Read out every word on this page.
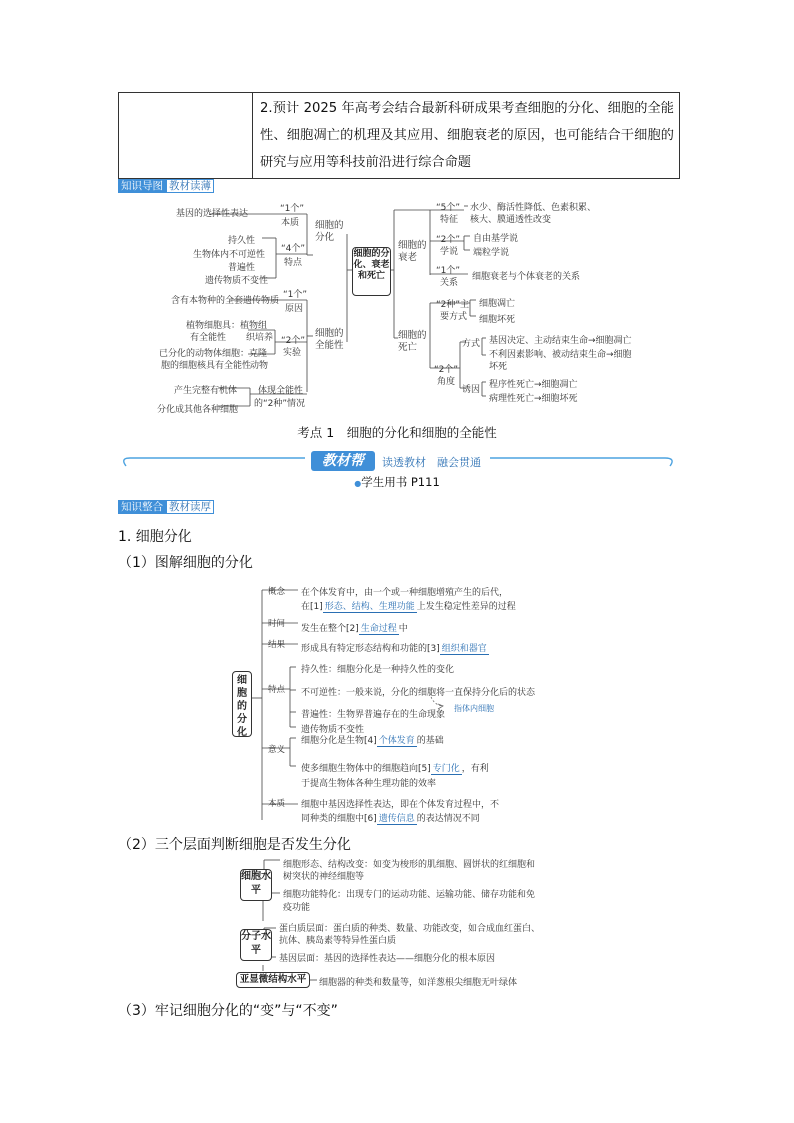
2.预计 2025 年高考会结合最新科研成果考查细胞的分化、细胞的全能性、细胞凋亡的机理及其应用、细胞衰老的原因，也可能结合干细胞的研究与应用等科技前沿进行综合命题
知识导图 教材读薄
细胞的分化、衰老和死亡
细胞的分化
“1个”
本质
基因的选择性表达
“4个”
特点
持久性
生物体内不可逆性
普遍性
遗传物质不变性
细胞的全能性
“1个”
原因
含有本物种的全套遗传物质
“2个”
实验
植物细胞具：植物组
有全能性 织培养
已分化的动物体细胞：克隆
胞的细胞核具有全能性
动物
体现全能性
的“2种”情况
产生完整有机体
分化成其他各种细胞
细胞的衰老
“5个”
特征
水少、酶活性降低、色素积累、
核大、膜通透性改变
“2个”
学说
自由基学说
端粒学说
“1个”
关系
细胞衰老与个体衰老的关系
细胞的死亡
“2种”主
要方式
细胞凋亡
细胞坏死
“2个”
角度
方式 基因决定、主动结束生命→细胞凋亡
不利因素影响、被动结束生命→细胞
坏死
诱因 程序性死亡→细胞凋亡
病理性死亡→细胞坏死
考点 1　细胞的分化和细胞的全能性
教材帮	读透教材　融会贯通
●学生用书 P111
知识整合 教材读厚
1. 细胞分化
（1）图解细胞的分化
细胞的分化
概念 在个体发育中，由一个或一种细胞增殖产生的后代，
在[1] 形态、结构、生理功能 上发生稳定性差异的过程
时间 发生在整个[2] 生命过程 中
结果 形成具有特定形态结构和功能的[3] 组织和器官
特点
持久性：细胞分化是一种持久性的变化
不可逆性：一般来说，分化的细胞将一直保持分化后的状态
指体内细胞
普遍性：生物界普遍存在的生命现象
遗传物质不变性
意义
细胞分化是生物[4] 个体发育 的基础
使多细胞生物体中的细胞趋向[5] 专门化 ，有利
于提高生物体各种生理功能的效率
本质 细胞中基因选择性表达，即在个体发育过程中，不
同种类的细胞中[6] 遗传信息 的表达情况不同
（2）三个层面判断细胞是否发生分化
细胞水平
分子水平
亚显微结构水平
细胞形态、结构改变：如变为梭形的肌细胞、圆饼状的红细胞和
树突状的神经细胞等
细胞功能特化：出现专门的运动功能、运输功能、储存功能和免
疫功能
蛋白质层面：蛋白质的种类、数量、功能改变，如合成血红蛋白、
抗体、胰岛素等特异性蛋白质
基因层面：基因的选择性表达——细胞分化的根本原因
细胞器的种类和数量等，如洋葱根尖细胞无叶绿体
（3）牢记细胞分化的“变”与“不变”
